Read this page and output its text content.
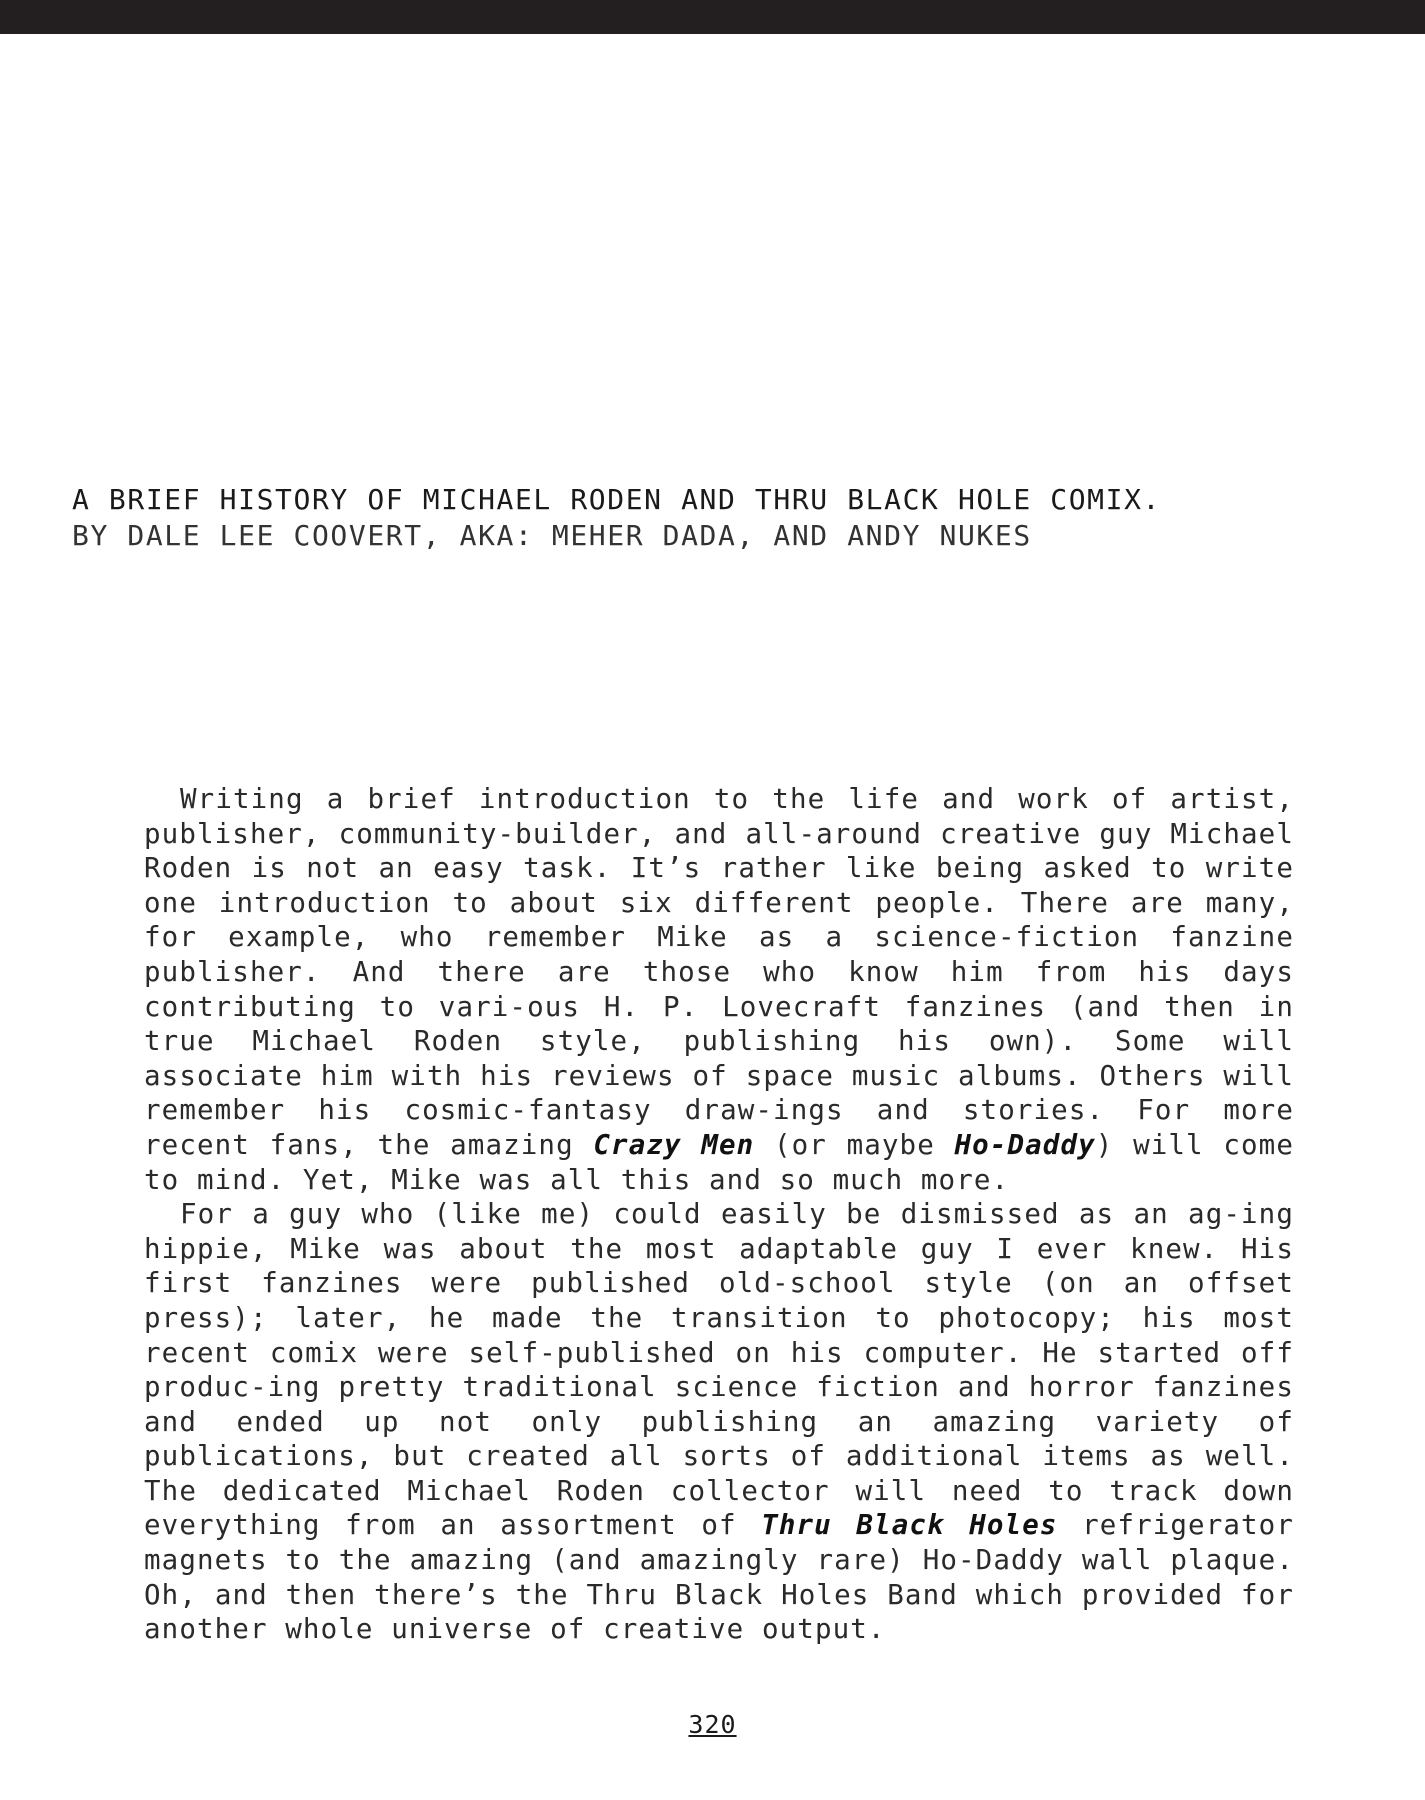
A BRIEF HISTORY OF MICHAEL RODEN AND THRU BLACK HOLE COMIX.
BY DALE LEE COOVERT, AKA: MEHER DADA, AND ANDY NUKES

Writing a brief introduction to the life and work of artist, publisher, community-builder, and all-around creative guy Michael Roden is not an easy task. It’s rather like being asked to write one introduction to about six different people. There are many, for example, who remember Mike as a science-fiction fanzine publisher. And there are those who know him from his days contributing to vari-ous H. P. Lovecraft fanzines (and then in true Michael Roden style, publishing his own). Some will associate him with his reviews of space music albums. Others will remember his cosmic-fantasy draw-ings and stories. For more recent fans, the amazing Crazy Men (or maybe Ho-Daddy) will come to mind. Yet, Mike was all this and so much more.

For a guy who (like me) could easily be dismissed as an ag-ing hippie, Mike was about the most adaptable guy I ever knew. His first fanzines were published old-school style (on an offset press); later, he made the transition to photocopy; his most recent comix were self-published on his computer. He started off produc-ing pretty traditional science fiction and horror fanzines and ended up not only publishing an amazing variety of publications, but created all sorts of additional items as well. The dedicated Michael Roden collector will need to track down everything from an assortment of Thru Black Holes refrigerator magnets to the amazing (and amazingly rare) Ho-Daddy wall plaque. Oh, and then there’s the Thru Black Holes Band which provided for another whole universe of creative output.

320
